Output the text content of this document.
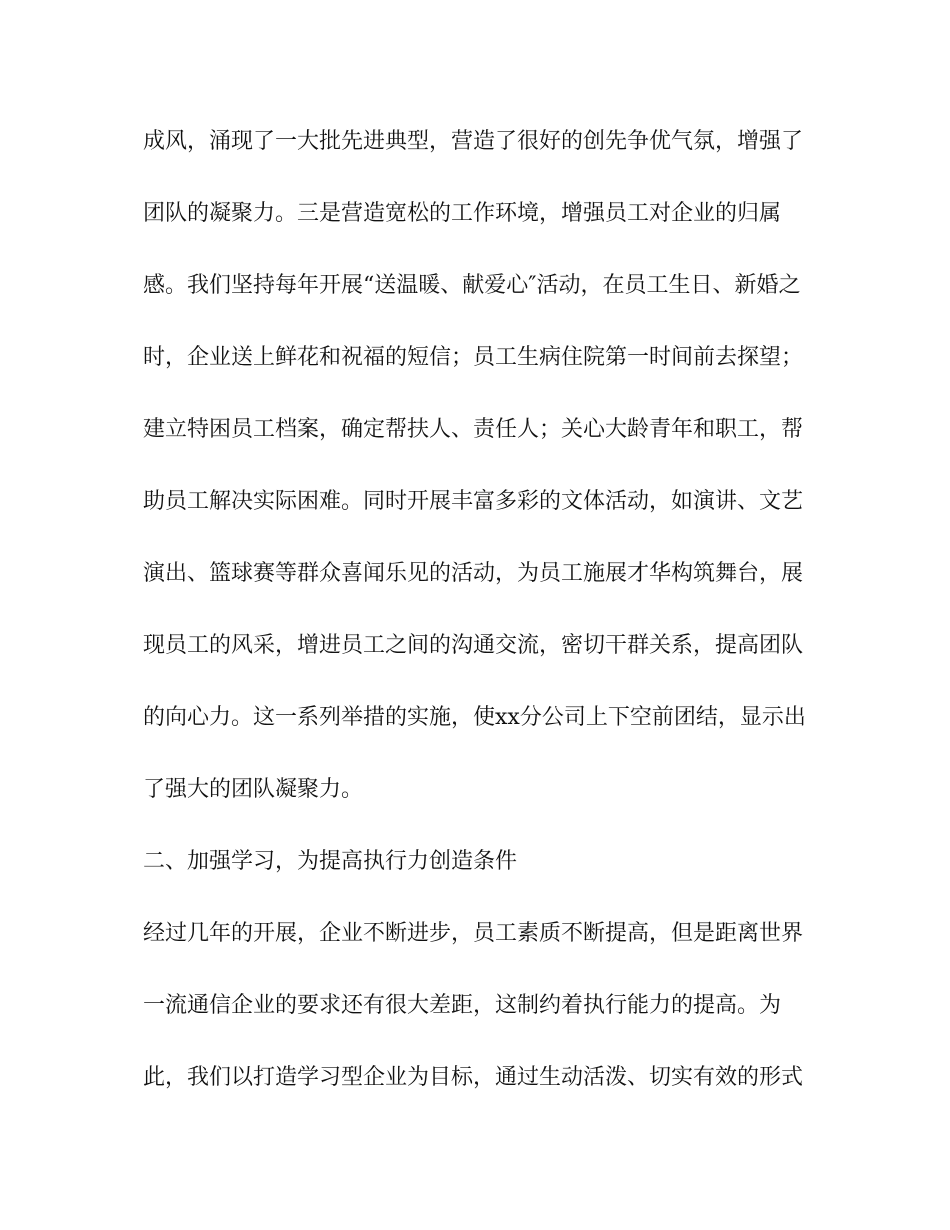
成风，涌现了一大批先进典型，营造了很好的创先争优气氛，增强了
团队的凝聚力。三是营造宽松的工作环境，增强员工对企业的归属
感。我们坚持每年开展“送温暖、献爱心″活动，在员工生日、新婚之
时，企业送上鲜花和祝福的短信；员工生病住院第一时间前去探望；
建立特困员工档案，确定帮扶人、责任人；关心大龄青年和职工，帮
助员工解决实际困难。同时开展丰富多彩的文体活动，如演讲、文艺
演出、篮球赛等群众喜闻乐见的活动，为员工施展才华构筑舞台，展
现员工的风采，增进员工之间的沟通交流，密切干群关系，提高团队
的向心力。这一系列举措的实施，使xx分公司上下空前团结，显示出
了强大的团队凝聚力。
二、加强学习，为提高执行力创造条件
经过几年的开展，企业不断进步，员工素质不断提高，但是距离世界
一流通信企业的要求还有很大差距，这制约着执行能力的提高。为
此，我们以打造学习型企业为目标，通过生动活泼、切实有效的形式
